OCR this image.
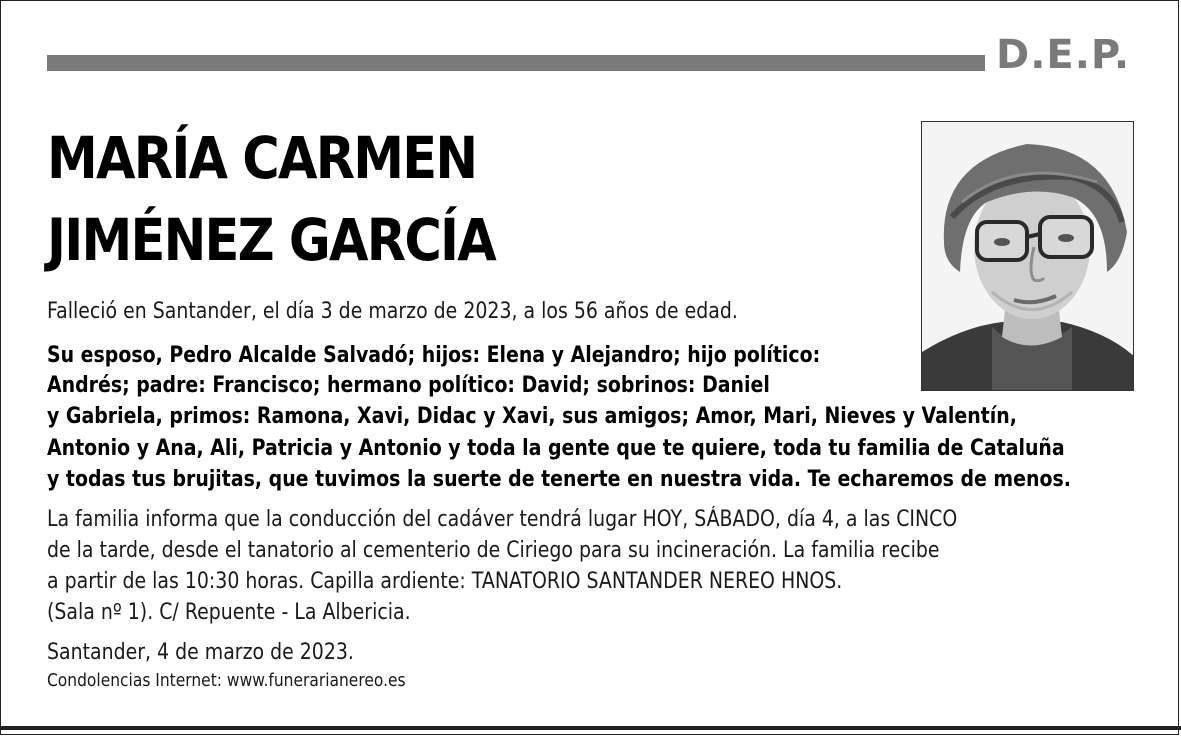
D.E.P.
MARÍA CARMEN
JIMÉNEZ GARCÍA
Falleció en Santander, el día 3 de marzo de 2023, a los 56 años de edad.
Su esposo, Pedro Alcalde Salvadó; hijos: Elena y Alejandro; hijo político:
Andrés; padre: Francisco; hermano político: David; sobrinos: Daniel
y Gabriela, primos: Ramona, Xavi, Didac y Xavi, sus amigos; Amor, Mari, Nieves y Valentín,
Antonio y Ana, Ali, Patricia y Antonio y toda la gente que te quiere, toda tu familia de Cataluña
y todas tus brujitas, que tuvimos la suerte de tenerte en nuestra vida. Te echaremos de menos.
La familia informa que la conducción del cadáver tendrá lugar HOY, SÁBADO, día 4, a las CINCO
de la tarde, desde el tanatorio al cementerio de Ciriego para su incineración. La familia recibe
a partir de las 10:30 horas. Capilla ardiente: TANATORIO SANTANDER NEREO HNOS.
(Sala nº 1). C/ Repuente - La Albericia.
Santander, 4 de marzo de 2023.
Condolencias Internet: www.funerarianereo.es
